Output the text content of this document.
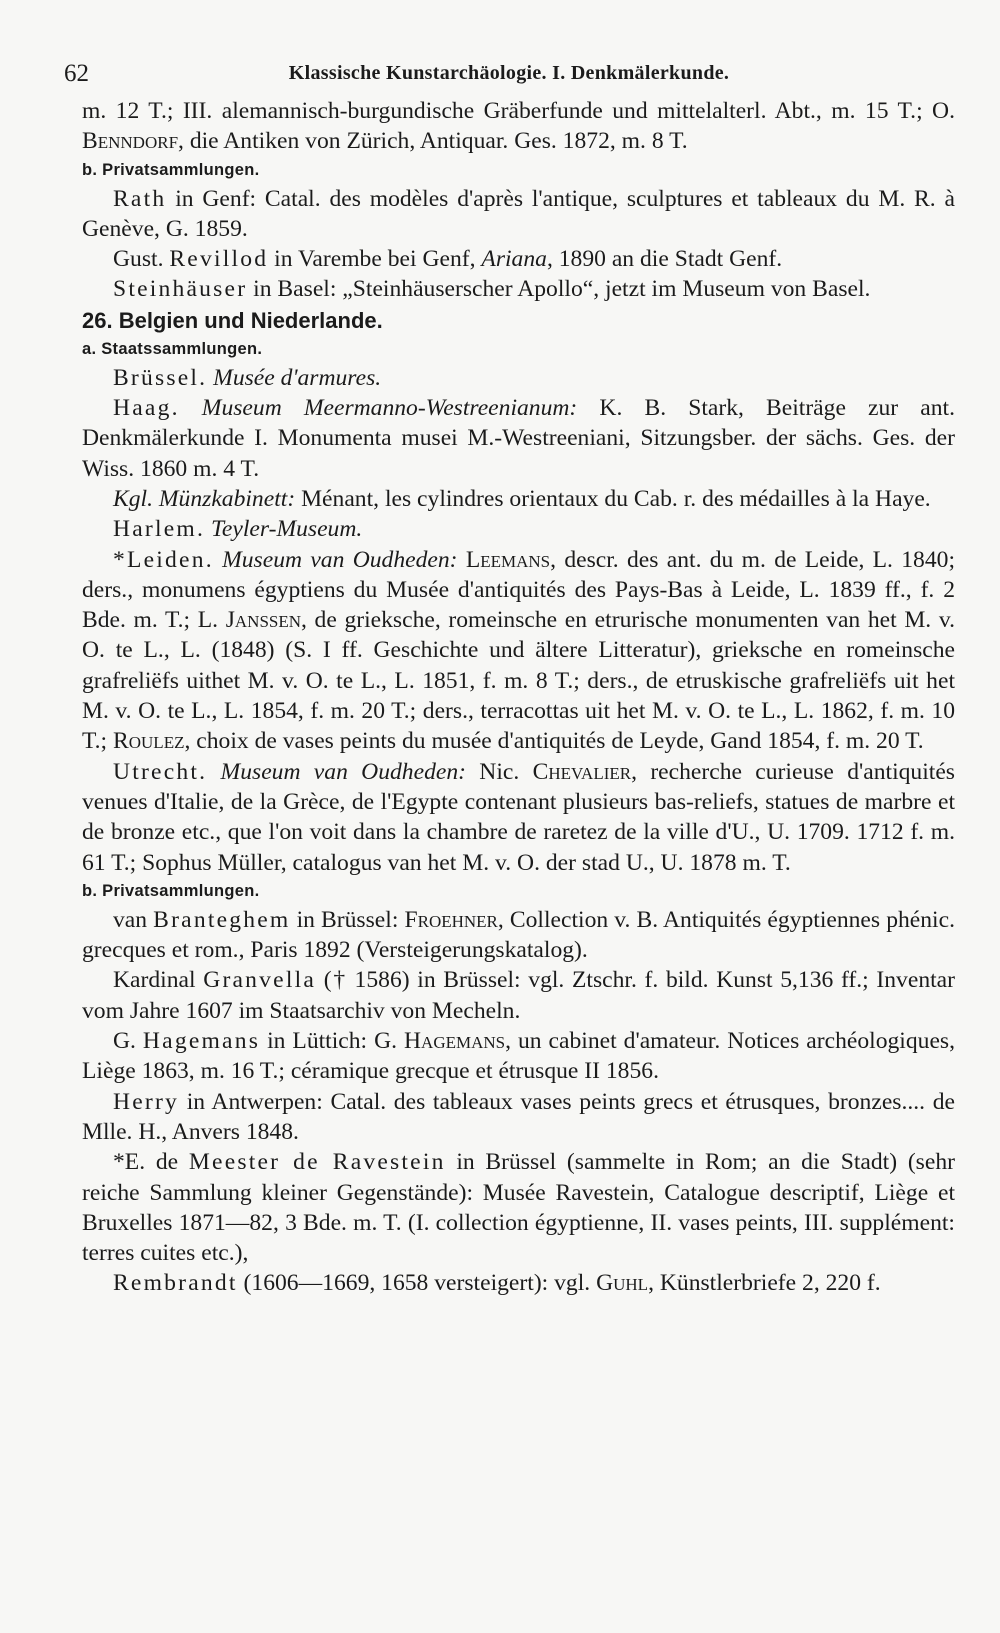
62	Klassische Kunstarchäologie. I. Denkmälerkunde.

m. 12 T.; III. alemannisch-burgundische Gräberfunde und mittelalterl. Abt., m. 15 T.; O. Benndorf, die Antiken von Zürich, Antiquar. Ges. 1872, m. 8 T.

b. Privatsammlungen.

Rath in Genf: Catal. des modèles d'après l'antique, sculptures et tableaux du M. R. à Genève, G. 1859.

Gust. Revillod in Varembe bei Genf, Ariana, 1890 an die Stadt Genf.

Steinhäuser in Basel: „Steinhäuserscher Apollo“, jetzt im Museum von Basel.

26. Belgien und Niederlande.

a. Staatssammlungen.

Brüssel. Musée d'armures.

Haag. Museum Meermanno-Westreenianum: K. B. Stark, Beiträge zur ant. Denkmälerkunde I. Monumenta musei M.-Westreeniani, Sitzungsber. der sächs. Ges. der Wiss. 1860 m. 4 T.

Kgl. Münzkabinett: Ménant, les cylindres orientaux du Cab. r. des médailles à la Haye.

Harlem. Teyler-Museum.

*Leiden. Museum van Oudheden: Leemans, descr. des ant. du m. de Leide, L. 1840; ders., monumens égyptiens du Musée d'antiquités des Pays-Bas à Leide, L. 1839 ff., f. 2 Bde. m. T.; L. Janssen, de grieksche, romeinsche en etrurische monumenten van het M. v. O. te L., L. (1848) (S. I ff. Geschichte und ältere Litteratur), grieksche en romeinsche grafreliëfs uithet M. v. O. te L., L. 1851, f. m. 8 T.; ders., de etruskische grafreliëfs uit het M. v. O. te L., L. 1854, f. m. 20 T.; ders., terracottas uit het M. v. O. te L., L. 1862, f. m. 10 T.; Roulez, choix de vases peints du musée d'antiquités de Leyde, Gand 1854, f. m. 20 T.

Utrecht. Museum van Oudheden: Nic. Chevalier, recherche curieuse d'antiquités venues d'Italie, de la Grèce, de l'Egypte contenant plusieurs bas-reliefs, statues de marbre et de bronze etc., que l'on voit dans la chambre de raretez de la ville d'U., U. 1709. 1712 f. m. 61 T.; Sophus Müller, catalogus van het M. v. O. der stad U., U. 1878 m. T.

b. Privatsammlungen.

van Branteghem in Brüssel: Froehner, Collection v. B. Antiquités égyptiennes phénic. grecques et rom., Paris 1892 (Versteigerungskatalog).

Kardinal Granvella († 1586) in Brüssel: vgl. Ztschr. f. bild. Kunst 5,136 ff.; Inventar vom Jahre 1607 im Staatsarchiv von Mecheln.

G. Hagemans in Lüttich: G. Hagemans, un cabinet d'amateur. Notices archéologiques, Liège 1863, m. 16 T.; céramique grecque et étrusque II 1856.

Herry in Antwerpen: Catal. des tableaux vases peints grecs et étrusques, bronzes.... de Mlle. H., Anvers 1848.

*E. de Meester de Ravestein in Brüssel (sammelte in Rom; an die Stadt) (sehr reiche Sammlung kleiner Gegenstände): Musée Ravestein, Catalogue descriptif, Liège et Bruxelles 1871—82, 3 Bde. m. T. (I. collection égyptienne, II. vases peints, III. supplément: terres cuites etc.),

Rembrandt (1606—1669, 1658 versteigert): vgl. Guhl, Künstlerbriefe 2, 220 f.
